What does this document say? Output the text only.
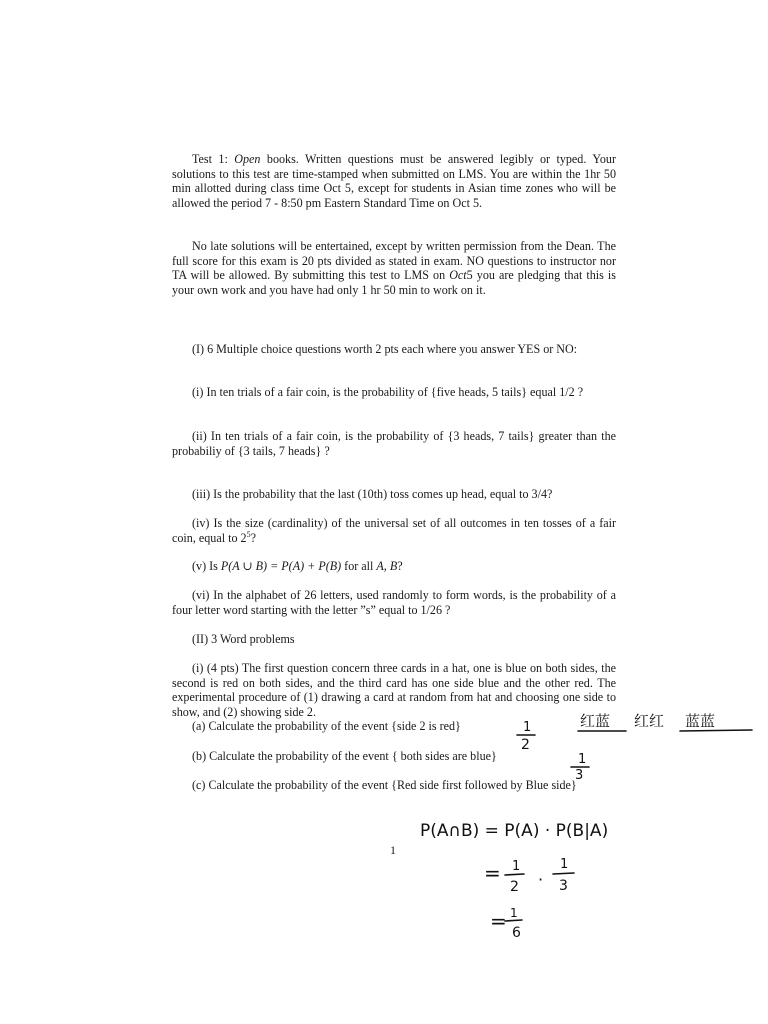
Test 1: Open books. Written questions must be answered legibly or typed. Your solutions to this test are time-stamped when submitted on LMS. You are within the 1hr 50 min allotted during class time Oct 5, except for students in Asian time zones who will be allowed the period 7 - 8:50 pm Eastern Standard Time on Oct 5.

No late solutions will be entertained, except by written permission from the Dean. The full score for this exam is 20 pts divided as stated in exam. NO questions to instructor nor TA will be allowed. By submitting this test to LMS on Oct5 you are pledging that this is your own work and you have had only 1 hr 50 min to work on it.

(I) 6 Multiple choice questions worth 2 pts each where you answer YES or NO:

(i) In ten trials of a fair coin, is the probability of {five heads, 5 tails} equal 1/2 ?

(ii) In ten trials of a fair coin, is the probability of {3 heads, 7 tails} greater than the probabiliy of {3 tails, 7 heads} ?

(iii) Is the probability that the last (10th) toss comes up head, equal to 3/4?

(iv) Is the size (cardinality) of the universal set of all outcomes in ten tosses of a fair coin, equal to $2^5$?

(v) Is P(A ∪ B) = P(A) + P(B) for all A, B?

(vi) In the alphabet of 26 letters, used randomly to form words, is the probability of a four letter word starting with the letter ”s” equal to 1/26 ?

(II) 3 Word problems

(i) (4 pts) The first question concern three cards in a hat, one is blue on both sides, the second is red on both sides, and the third card has one side blue and the other red. The experimental procedure of (1) drawing a card at random from hat and choosing one side to show, and (2) showing side 2.

(a) Calculate the probability of the event {side 2 is red}

(b) Calculate the probability of the event { both sides are blue}

(c) Calculate the probability of the event {Red side first followed by Blue side}

1
红蓝 红红 蓝蓝
1
2
1
3
P(A∩B) = P(A) · P(B|A)
= 1
2 ·
1
3
= 1
6
